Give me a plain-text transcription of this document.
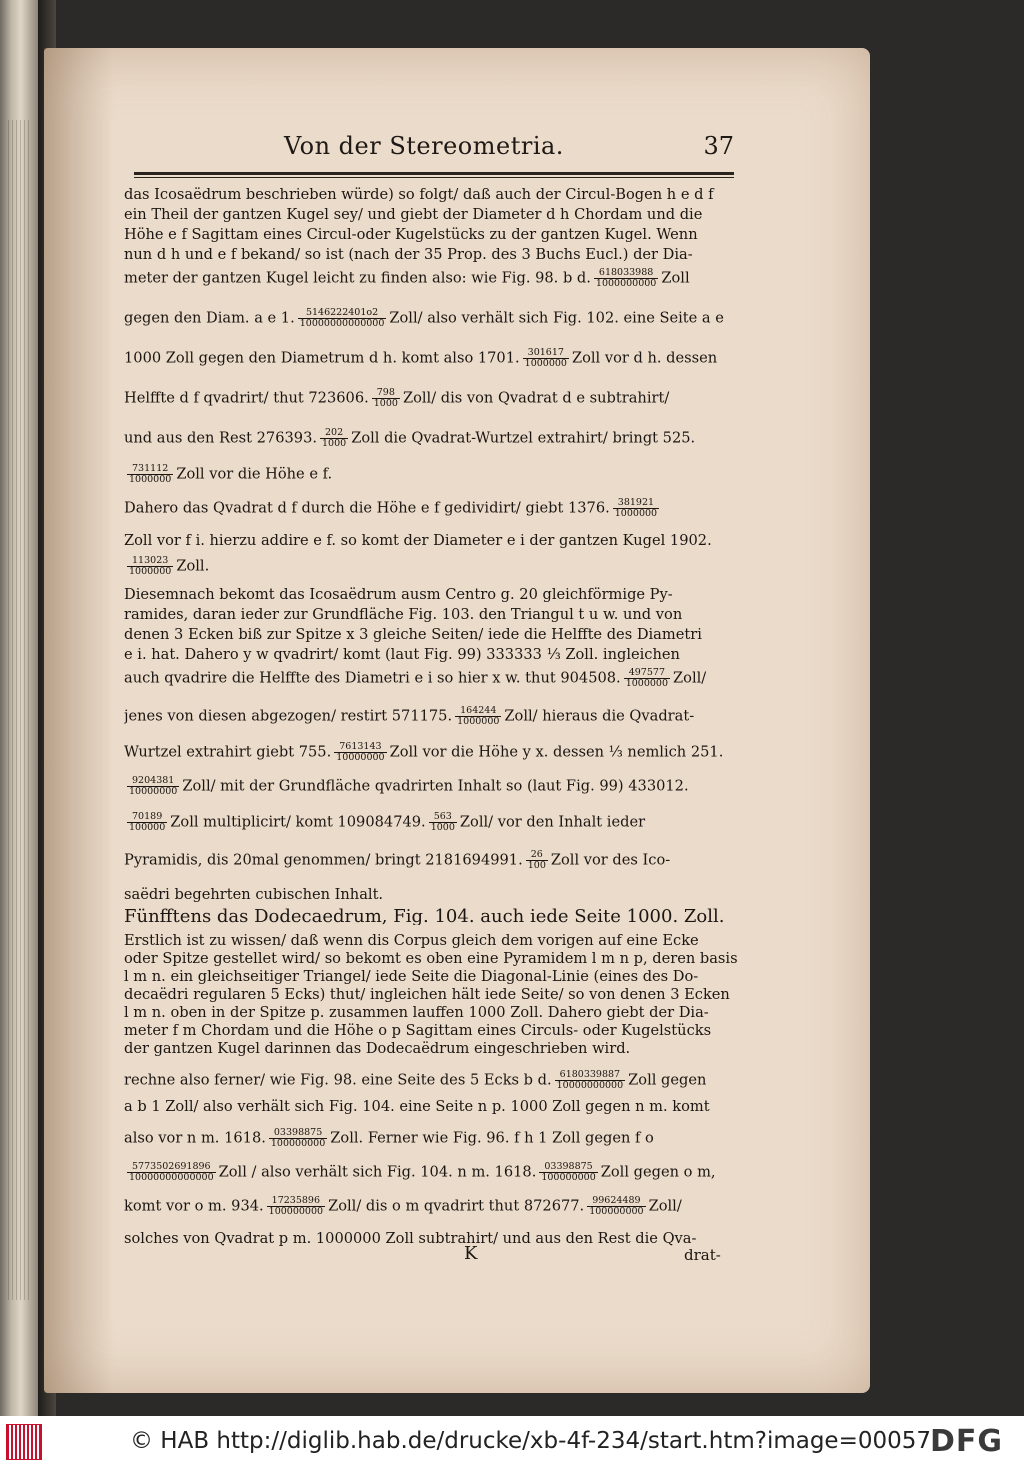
Von der Stereometria.	37
das Icosaëdrum beschrieben würde) so folgt/ daß auch der Circul-Bogen h e d f
ein Theil der gantzen Kugel sey/ und giebt der Diameter d h Chordam und die
Höhe e f Sagittam eines Circul-oder Kugelstücks zu der gantzen Kugel. Wenn
nun d h und e f bekand/ so ist (nach der 35 Prop. des 3 Buchs Eucl.) der Dia-
meter der gantzen Kugel leicht zu finden also: wie Fig. 98. b d. $\frac{618033988}{1000000000}$ Zoll
gegen den Diam. a e 1. $\frac{5146222401o2}{10000000000000}$ Zoll/ also verhält sich Fig. 102. eine Seite a e
1000 Zoll gegen den Diametrum d h. komt also 1701. $\frac{301617}{1000000}$ Zoll vor d h. dessen
Helffte d f qvadrirt/ thut 723606. $\frac{798}{1000}$ Zoll/ dis von Qvadrat d e subtrahirt/
und aus den Rest 276393. $\frac{202}{1000}$ Zoll die Qvadrat-Wurtzel extrahirt/ bringt 525.
$\frac{731112}{1000000}$ Zoll vor die Höhe e f.
Dahero das Qvadrat d f durch die Höhe e f gedividirt/ giebt 1376. $\frac{381921}{1000000}$
Zoll vor f i. hierzu addire e f. so komt der Diameter e i der gantzen Kugel 1902.
$\frac{113023}{1000000}$ Zoll.
Diesemnach bekomt das Icosaëdrum ausm Centro g. 20 gleichförmige Py-
ramides, daran ieder zur Grundfläche Fig. 103. den Triangul t u w. und von
denen 3 Ecken biß zur Spitze x 3 gleiche Seiten/ iede die Helffte des Diametri
e i. hat. Dahero y w qvadrirt/ komt (laut Fig. 99) 333333 ⅓ Zoll. ingleichen
auch qvadrire die Helffte des Diametri e i so hier x w. thut 904508. $\frac{497577}{1000000}$ Zoll/
jenes von diesen abgezogen/ restirt 571175. $\frac{164244}{1000000}$ Zoll/ hieraus die Qvadrat-
Wurtzel extrahirt giebt 755. $\frac{7613143}{10000000}$ Zoll vor die Höhe y x. dessen ⅓ nemlich 251.
$\frac{9204381}{10000000}$ Zoll/ mit der Grundfläche qvadrirten Inhalt so (laut Fig. 99) 433012.
$\frac{70189}{100000}$ Zoll multiplicirt/ komt 109084749. $\frac{563}{1000}$ Zoll/ vor den Inhalt ieder
Pyramidis, dis 20mal genommen/ bringt 2181694991. $\frac{26}{100}$ Zoll vor des Ico-
saëdri begehrten cubischen Inhalt.
Fünfftens das Dodecaedrum, Fig. 104. auch iede Seite 1000. Zoll.
Erstlich ist zu wissen/ daß wenn dis Corpus gleich dem vorigen auf eine Ecke
oder Spitze gestellet wird/ so bekomt es oben eine Pyramidem l m n p, deren basis
l m n. ein gleichseitiger Triangel/ iede Seite die Diagonal-Linie (eines des Do-
decaëdri regularen 5 Ecks) thut/ ingleichen hält iede Seite/ so von denen 3 Ecken
l m n. oben in der Spitze p. zusammen lauffen 1000 Zoll. Dahero giebt der Dia-
meter f m Chordam und die Höhe o p Sagittam eines Circuls- oder Kugelstücks
der gantzen Kugel darinnen das Dodecaëdrum eingeschrieben wird.
rechne also ferner/ wie Fig. 98. eine Seite des 5 Ecks b d. $\frac{6180339887}{10000000000}$ Zoll gegen
a b 1 Zoll/ also verhält sich Fig. 104. eine Seite n p. 1000 Zoll gegen n m. komt
also vor n m. 1618. $\frac{03398875}{100000000}$ Zoll. Ferner wie Fig. 96. f h 1 Zoll gegen f o
$\frac{5773502691896}{10000000000000}$ Zoll / also verhält sich Fig. 104. n m. 1618. $\frac{03398875}{100000000}$ Zoll gegen o m,
komt vor o m. 934. $\frac{17235896}{100000000}$ Zoll/ dis o m qvadrirt thut 872677. $\frac{99624489}{100000000}$ Zoll/
solches von Qvadrat p m. 1000000 Zoll subtrahirt/ und aus den Rest die Qva-
K	drat-
© HAB http://diglib.hab.de/drucke/xb-4f-234/start.htm?image=00057
DFG
